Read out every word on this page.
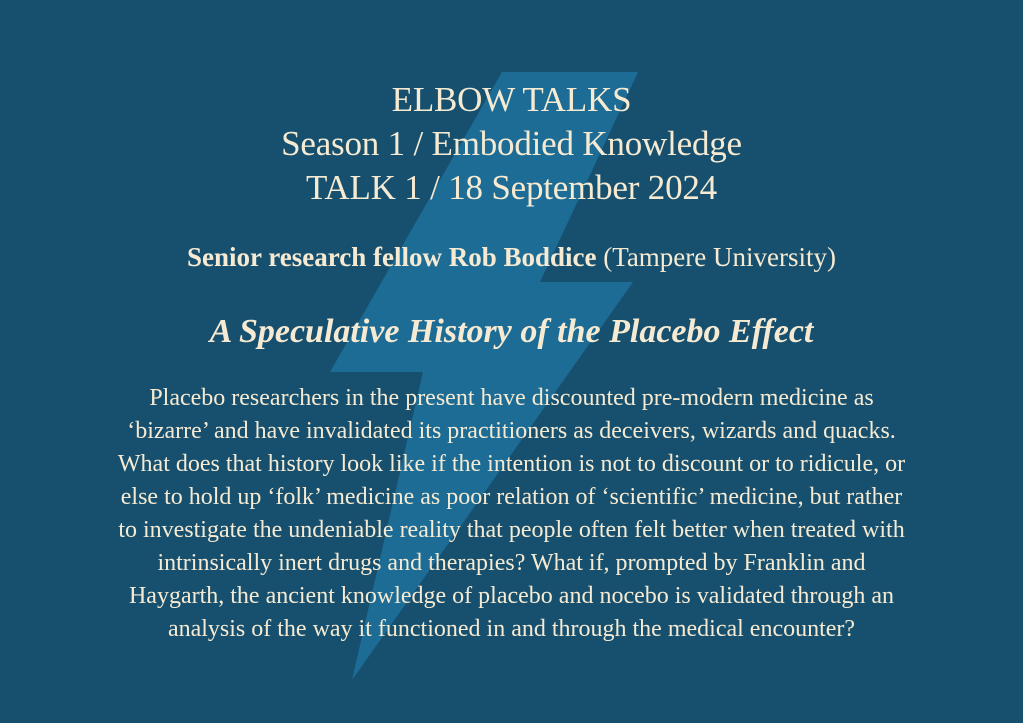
ELBOW TALKS
Season 1 / Embodied Knowledge
TALK 1 / 18 September 2024
Senior research fellow Rob Boddice (Tampere University)
A Speculative History of the Placebo Effect
Placebo researchers in the present have discounted pre-modern medicine as
‘bizarre’ and have invalidated its practitioners as deceivers, wizards and quacks.
What does that history look like if the intention is not to discount or to ridicule, or
else to hold up ‘folk’ medicine as poor relation of ‘scientific’ medicine, but rather
to investigate the undeniable reality that people often felt better when treated with
intrinsically inert drugs and therapies? What if, prompted by Franklin and
Haygarth, the ancient knowledge of placebo and nocebo is validated through an
analysis of the way it functioned in and through the medical encounter?
